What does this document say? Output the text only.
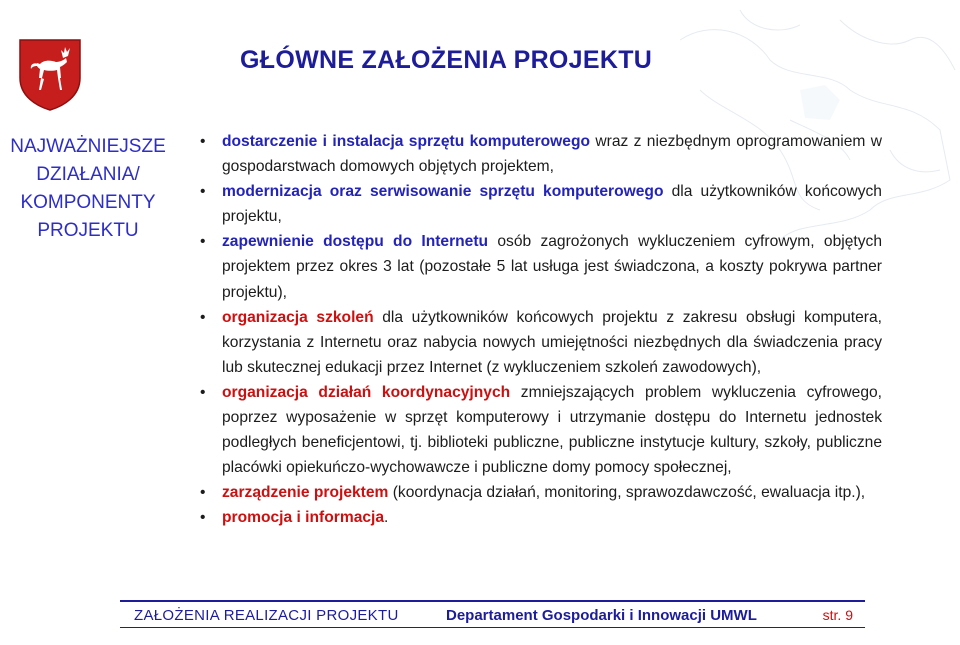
GŁÓWNE ZAŁOŻENIA PROJEKTU
NAJWAŻNIEJSZE
DZIAŁANIA/
KOMPONENTY
PROJEKTU
• dostarczenie i instalacja sprzętu komputerowego wraz z niezbędnym oprogramowaniem w gospodarstwach domowych objętych projektem,
• modernizacja oraz serwisowanie sprzętu komputerowego dla użytkowników końcowych projektu,
• zapewnienie dostępu do Internetu osób zagrożonych wykluczeniem cyfrowym, objętych projektem przez okres 3 lat (pozostałe 5 lat usługa jest świadczona, a koszty pokrywa partner projektu),
• organizacja szkoleń dla użytkowników końcowych projektu z zakresu obsługi komputera, korzystania z Internetu oraz nabycia nowych umiejętności niezbędnych dla świadczenia pracy lub skutecznej edukacji przez Internet (z wykluczeniem szkoleń zawodowych),
• organizacja działań koordynacyjnych zmniejszających problem wykluczenia cyfrowego, poprzez wyposażenie w sprzęt komputerowy i utrzymanie dostępu do Internetu jednostek podległych beneficjentowi, tj. biblioteki publiczne, publiczne instytucje kultury, szkoły, publiczne placówki opiekuńczo-wychowawcze i publiczne domy pomocy społecznej,
• zarządzenie projektem (koordynacja działań, monitoring, sprawozdawczość, ewaluacja itp.),
• promocja i informacja.
ZAŁOŻENIA REALIZACJI PROJEKTU	Departament Gospodarki i Innowacji UMWL	str. 9
